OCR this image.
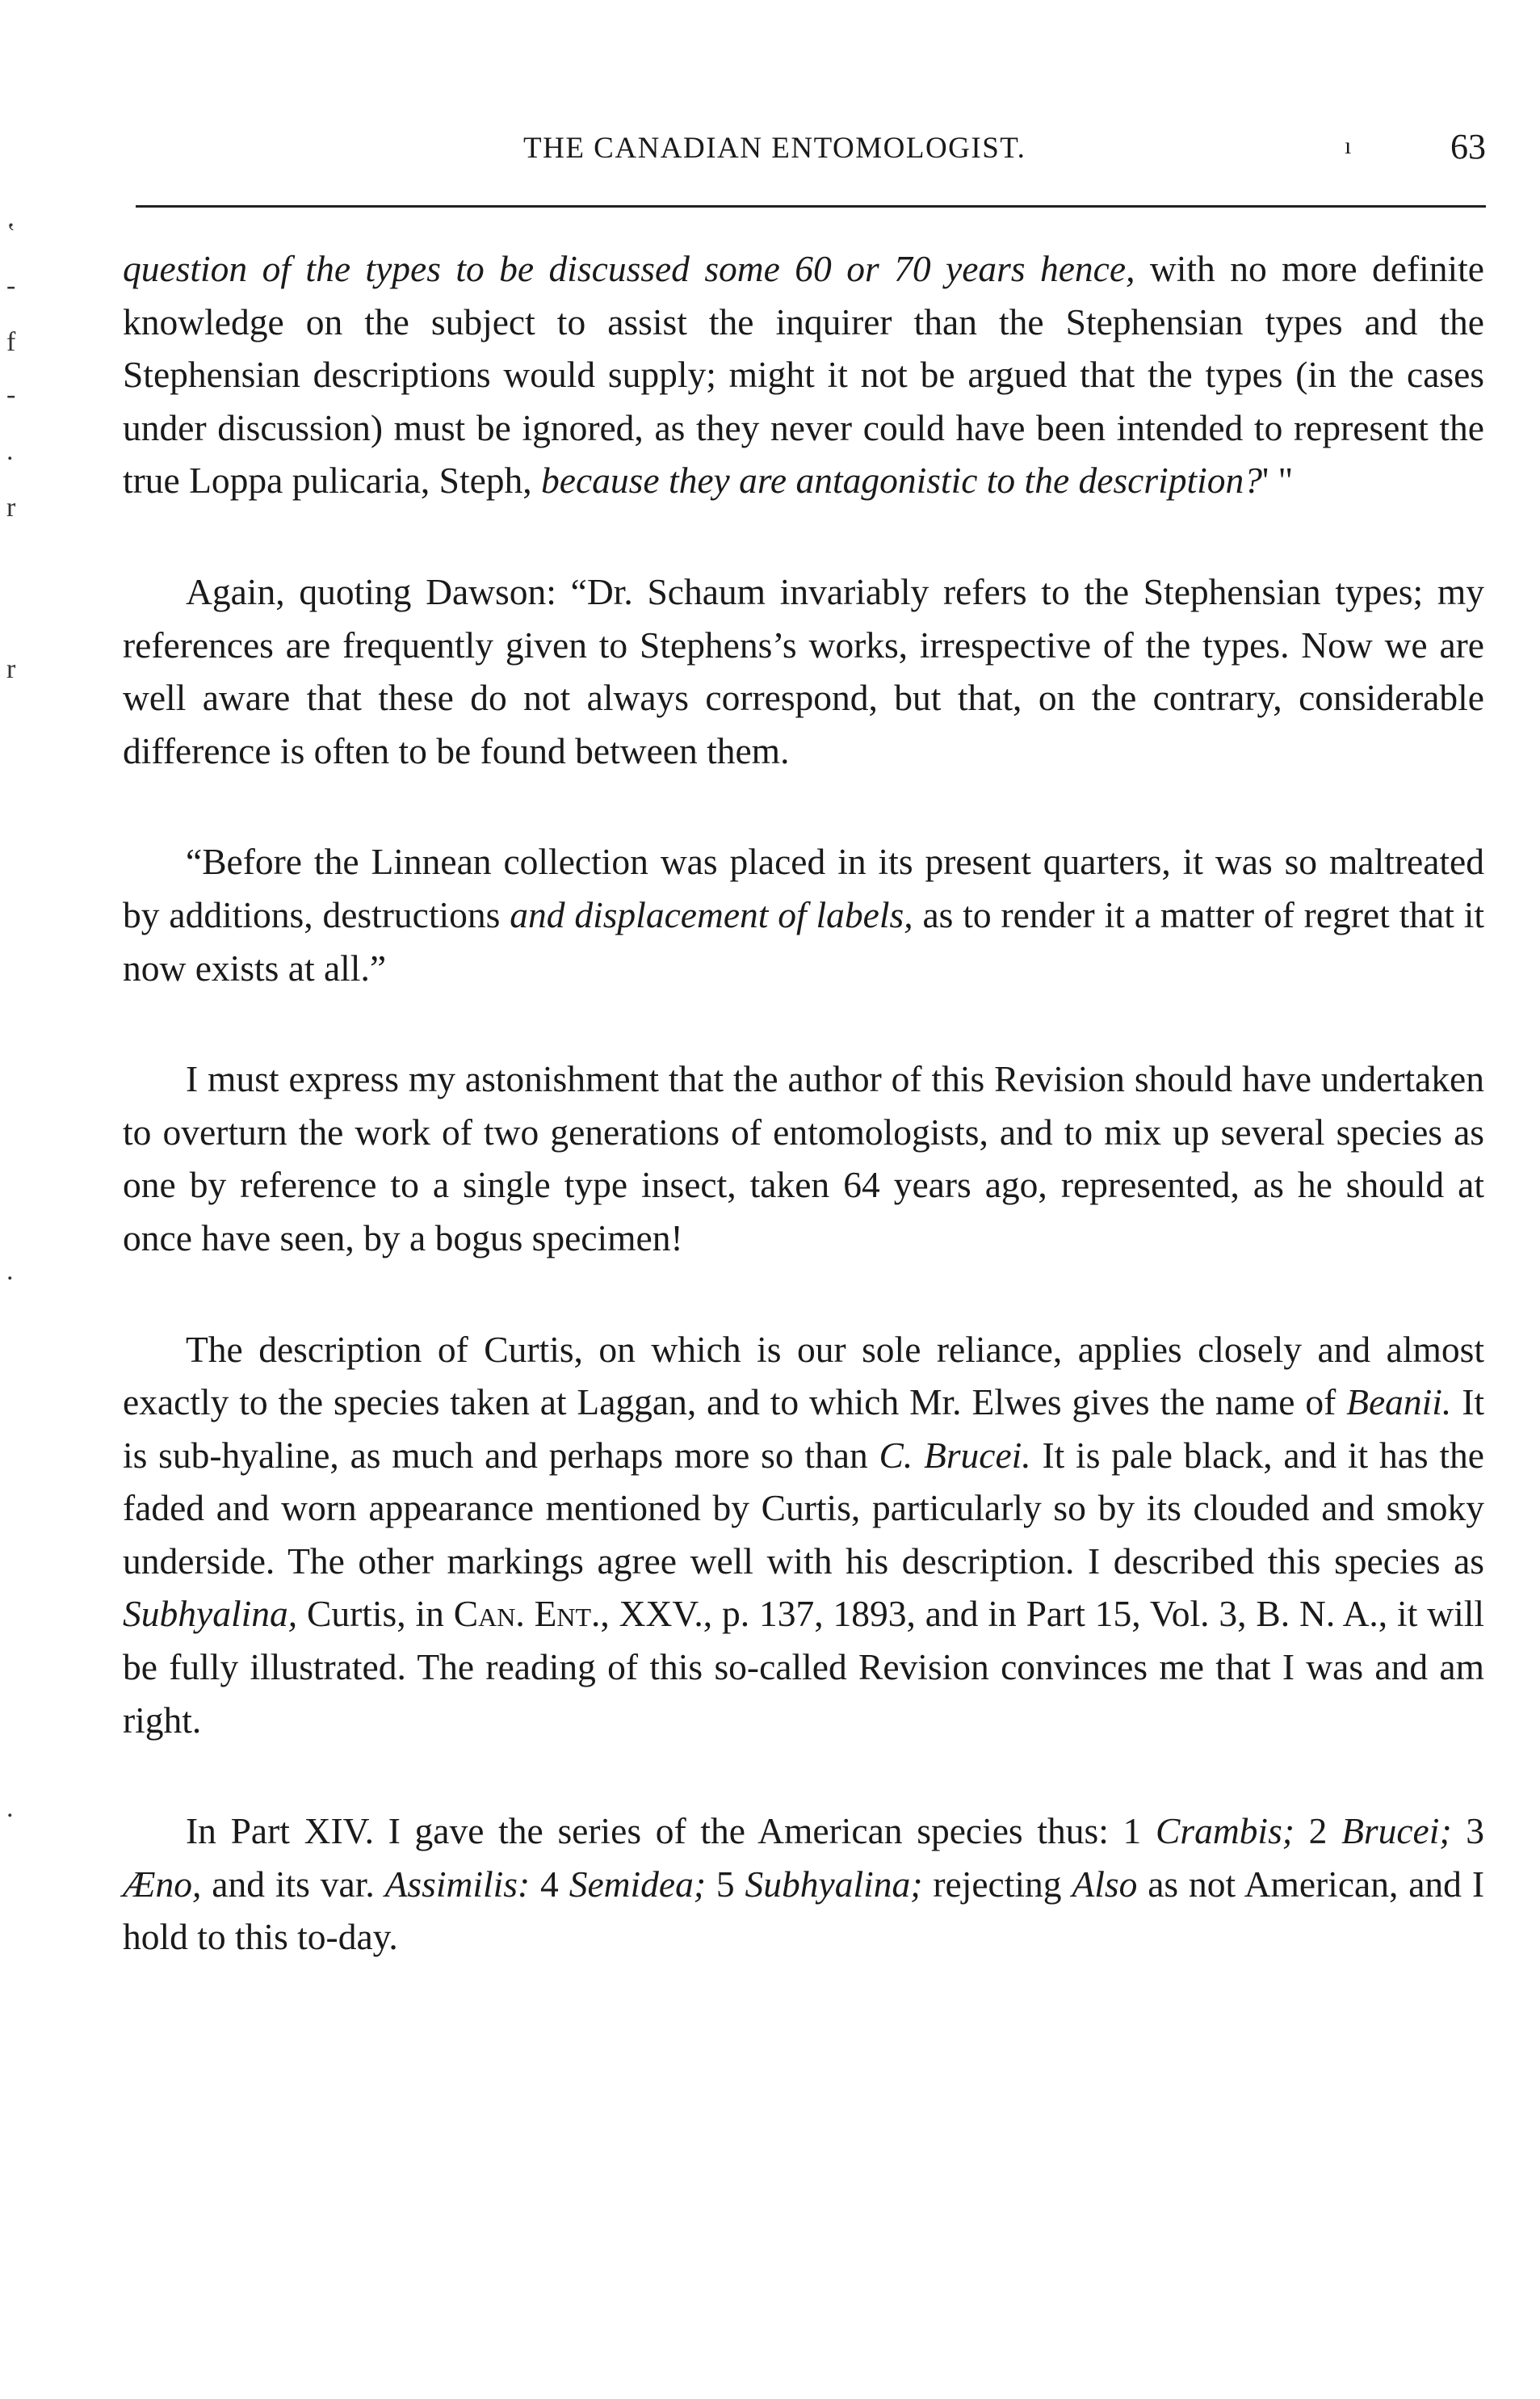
THE CANADIAN ENTOMOLOGIST.	ı	63
ʽ
-
f
-
.
r
r
.
.

question of the types to be discussed some 60 or 70 years hence, with no more definite knowledge on the subject to assist the inquirer than the Stephensian types and the Stephensian descriptions would supply; might it not be argued that the types (in the cases under discussion) must be ignored, as they never could have been intended to represent the true Loppa pulicaria, Steph, because they are antagonistic to the description?' "

Again, quoting Dawson: “Dr. Schaum invariably refers to the Stephensian types; my references are frequently given to Stephens’s works, irrespective of the types. Now we are well aware that these do not always correspond, but that, on the contrary, considerable difference is often to be found between them.

“Before the Linnean collection was placed in its present quarters, it was so maltreated by additions, destructions and displacement of labels, as to render it a matter of regret that it now exists at all.”

I must express my astonishment that the author of this Revision should have undertaken to overturn the work of two generations of entomologists, and to mix up several species as one by reference to a single type insect, taken 64 years ago, represented, as he should at once have seen, by a bogus specimen!

The description of Curtis, on which is our sole reliance, applies closely and almost exactly to the species taken at Laggan, and to which Mr. Elwes gives the name of Beanii. It is sub-hyaline, as much and perhaps more so than C. Brucei. It is pale black, and it has the faded and worn appearance mentioned by Curtis, particularly so by its clouded and smoky underside. The other markings agree well with his description. I described this species as Subhyalina, Curtis, in Can. Ent., XXV., p. 137, 1893, and in Part 15, Vol. 3, B. N. A., it will be fully illustrated. The reading of this so-called Revision convinces me that I was and am right.

In Part XIV. I gave the series of the American species thus: 1 Crambis; 2 Brucei; 3 Æno, and its var. Assimilis: 4 Semidea; 5 Subhyalina; rejecting Also as not American, and I hold to this to-day.
